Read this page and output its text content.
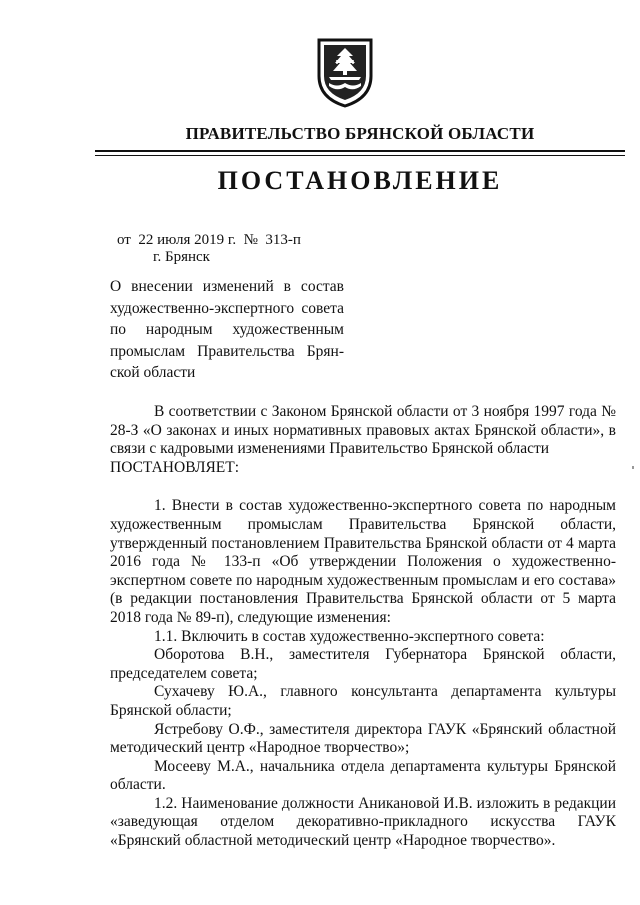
ПРАВИТЕЛЬСТВО БРЯНСКОЙ ОБЛАСТИ
ПОСТАНОВЛЕНИЕ
от 22 июля 2019 г. № 313-п
г. Брянск
О внесении изменений в состав
художественно-экспертного совета
по народным художественным
промыслам Правительства Брян-
ской области

В соответствии с Законом Брянской области от 3 ноября 1997 года № 28-З «О законах и иных нормативных правовых актах Брянской области», в связи с кадровыми изменениями Правительство Брянской области

ПОСТАНОВЛЯЕТ:

1. Внести в состав художественно-экспертного совета по народным художественным промыслам Правительства Брянской области, утвержденный постановлением Правительства Брянской области от 4 марта 2016 года № 133-п «Об утверждении Положения о художественно-экспертном совете по народным художественным промыслам и его состава» (в редакции постановления Правительства Брянской области от 5 марта 2018 года № 89-п), следующие изменения:

1.1. Включить в состав художественно-экспертного совета:

Оборотова В.Н., заместителя Губернатора Брянской области, председателем совета;

Сухачеву Ю.А., главного консультанта департамента культуры Брянской области;

Ястребову О.Ф., заместителя директора ГАУК «Брянский областной методический центр «Народное творчество»;

Мосееву М.А., начальника отдела департамента культуры Брянской области.

1.2. Наименование должности Аникановой И.В. изложить в редакции «заведующая отделом декоративно-прикладного искусства ГАУК «Брянский областной методический центр «Народное творчество».
